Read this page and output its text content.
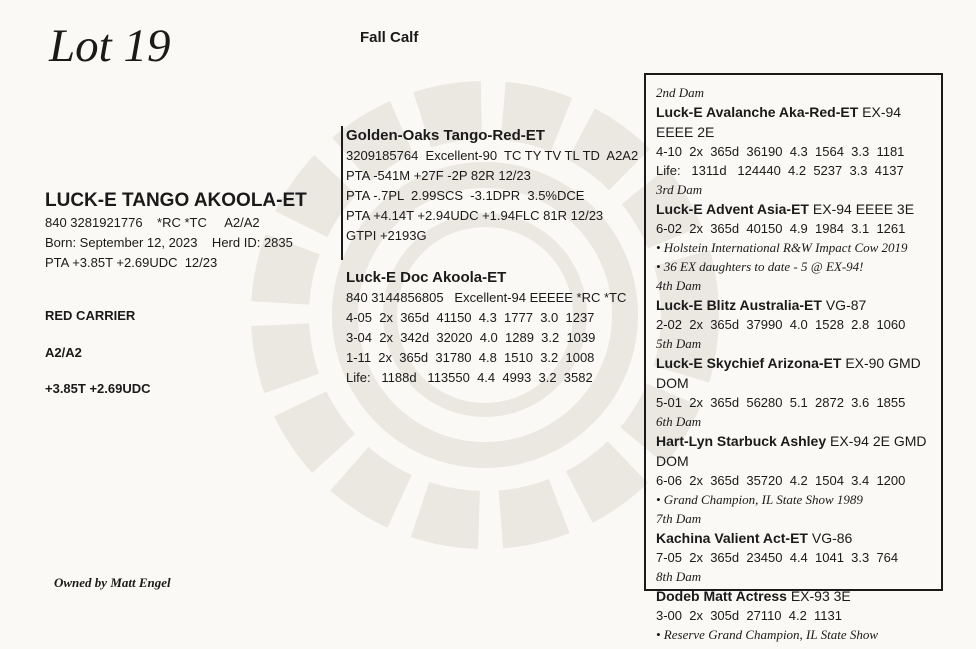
Lot 19	Fall Calf
LUCK-E TANGO AKOOLA-ET
840 3281921776    *RC *TC     A2/A2
Born: September 12, 2023    Herd ID: 2835
PTA +3.85T +2.69UDC  12/23
RED CARRIER
A2/A2
+3.85T +2.69UDC
Owned by Matt Engel
Golden-Oaks Tango-Red-ET
3209185764  Excellent-90  TC TY TV TL TD  A2A2
PTA -541M +27F -2P 82R 12/23
PTA -.7PL  2.99SCS  -3.1DPR  3.5%DCE
PTA +4.14T +2.94UDC +1.94FLC 81R 12/23
GTPI +2193G
Luck-E Doc Akoola-ET
840 3144856805   Excellent-94 EEEEE *RC *TC
4-05  2x  365d  41150  4.3  1777  3.0  1237
3-04  2x  342d  32020  4.0  1289  3.2  1039
1-11  2x  365d  31780  4.8  1510  3.2  1008
Life:   1188d   113550  4.4  4993  3.2  3582
2nd Dam
Luck-E Avalanche Aka-Red-ET EX-94 EEEE 2E
4-10  2x  365d  36190  4.3  1564  3.3  1181
Life:   1311d   124440  4.2  5237  3.3  4137
3rd Dam
Luck-E Advent Asia-ET EX-94 EEEE 3E
6-02  2x  365d  40150  4.9  1984  3.1  1261
• Holstein International R&W Impact Cow 2019
• 36 EX daughters to date - 5 @ EX-94!
4th Dam
Luck-E Blitz Australia-ET VG-87
2-02  2x  365d  37990  4.0  1528  2.8  1060
5th Dam
Luck-E Skychief Arizona-ET EX-90 GMD DOM
5-01  2x  365d  56280  5.1  2872  3.6  1855
6th Dam
Hart-Lyn Starbuck Ashley EX-94 2E GMD DOM
6-06  2x  365d  35720  4.2  1504  3.4  1200
• Grand Champion, IL State Show 1989
7th Dam
Kachina Valient Act-ET VG-86
7-05  2x  365d  23450  4.4  1041  3.3  764
8th Dam
Dodeb Matt Actress EX-93 3E
3-00  2x  305d  27110  4.2  1131
• Reserve Grand Champion, IL State Show
